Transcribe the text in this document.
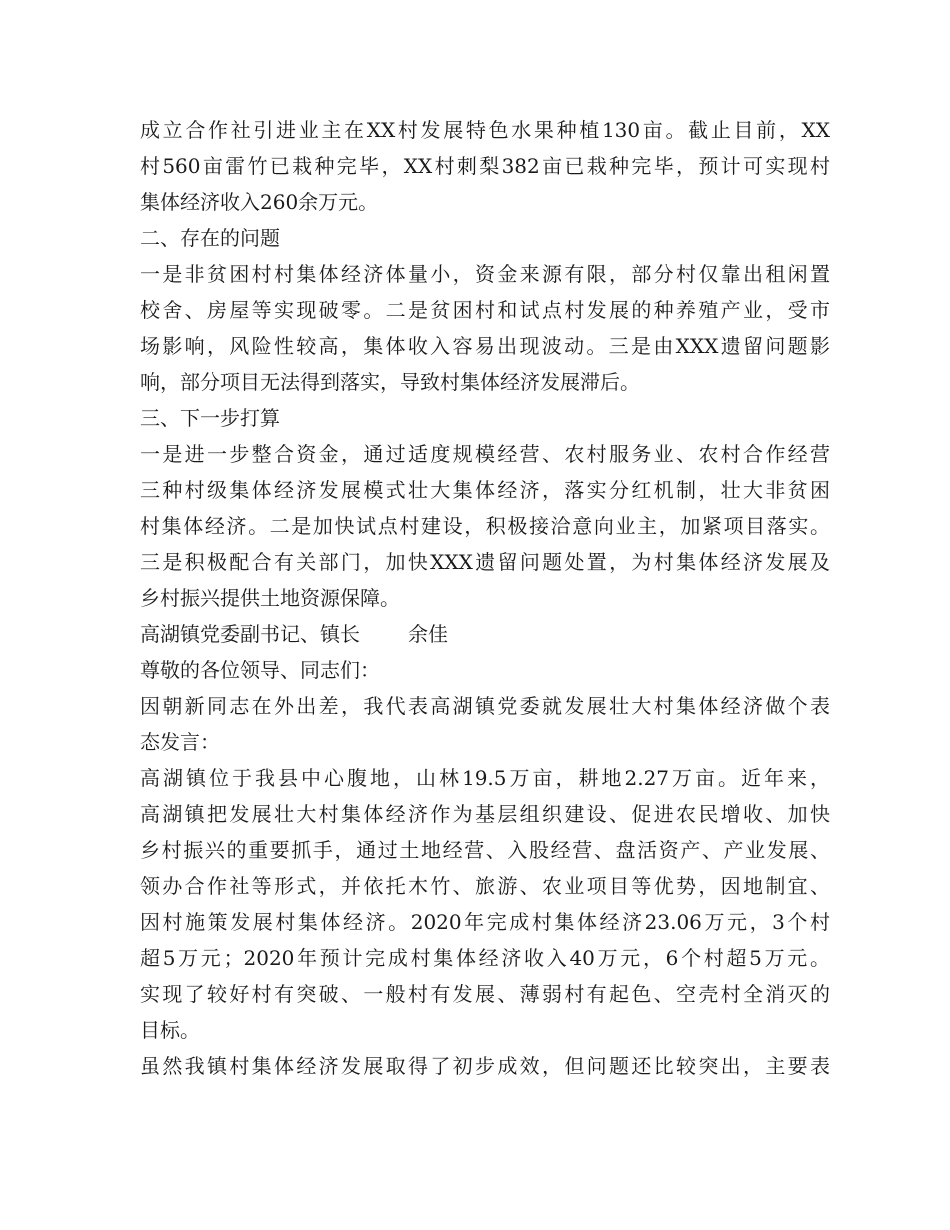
成立合作社引进业主在XX村发展特色水果种植130亩。截止目前，XX
村560亩雷竹已栽种完毕，XX村刺梨382亩已栽种完毕，预计可实现村
集体经济收入260余万元。
二、存在的问题
一是非贫困村村集体经济体量小，资金来源有限，部分村仅靠出租闲置
校舍、房屋等实现破零。二是贫困村和试点村发展的种养殖产业，受市
场影响，风险性较高，集体收入容易出现波动。三是由XXX遗留问题影
响，部分项目无法得到落实，导致村集体经济发展滞后。
三、下一步打算
一是进一步整合资金，通过适度规模经营、农村服务业、农村合作经营
三种村级集体经济发展模式壮大集体经济，落实分红机制，壮大非贫困
村集体经济。二是加快试点村建设，积极接洽意向业主，加紧项目落实。
三是积极配合有关部门，加快XXX遗留问题处置，为村集体经济发展及
乡村振兴提供土地资源保障。
高湖镇党委副书记、镇长 余佳
尊敬的各位领导、同志们：
因朝新同志在外出差，我代表高湖镇党委就发展壮大村集体经济做个表
态发言：
高湖镇位于我县中心腹地，山林19.5万亩，耕地2.27万亩。近年来，
高湖镇把发展壮大村集体经济作为基层组织建设、促进农民增收、加快
乡村振兴的重要抓手，通过土地经营、入股经营、盘活资产、产业发展、
领办合作社等形式，并依托木竹、旅游、农业项目等优势，因地制宜、
因村施策发展村集体经济。2020年完成村集体经济23.06万元，3个村
超5万元；2020年预计完成村集体经济收入40万元，6个村超5万元。
实现了较好村有突破、一般村有发展、薄弱村有起色、空壳村全消灭的
目标。
虽然我镇村集体经济发展取得了初步成效，但问题还比较突出，主要表
